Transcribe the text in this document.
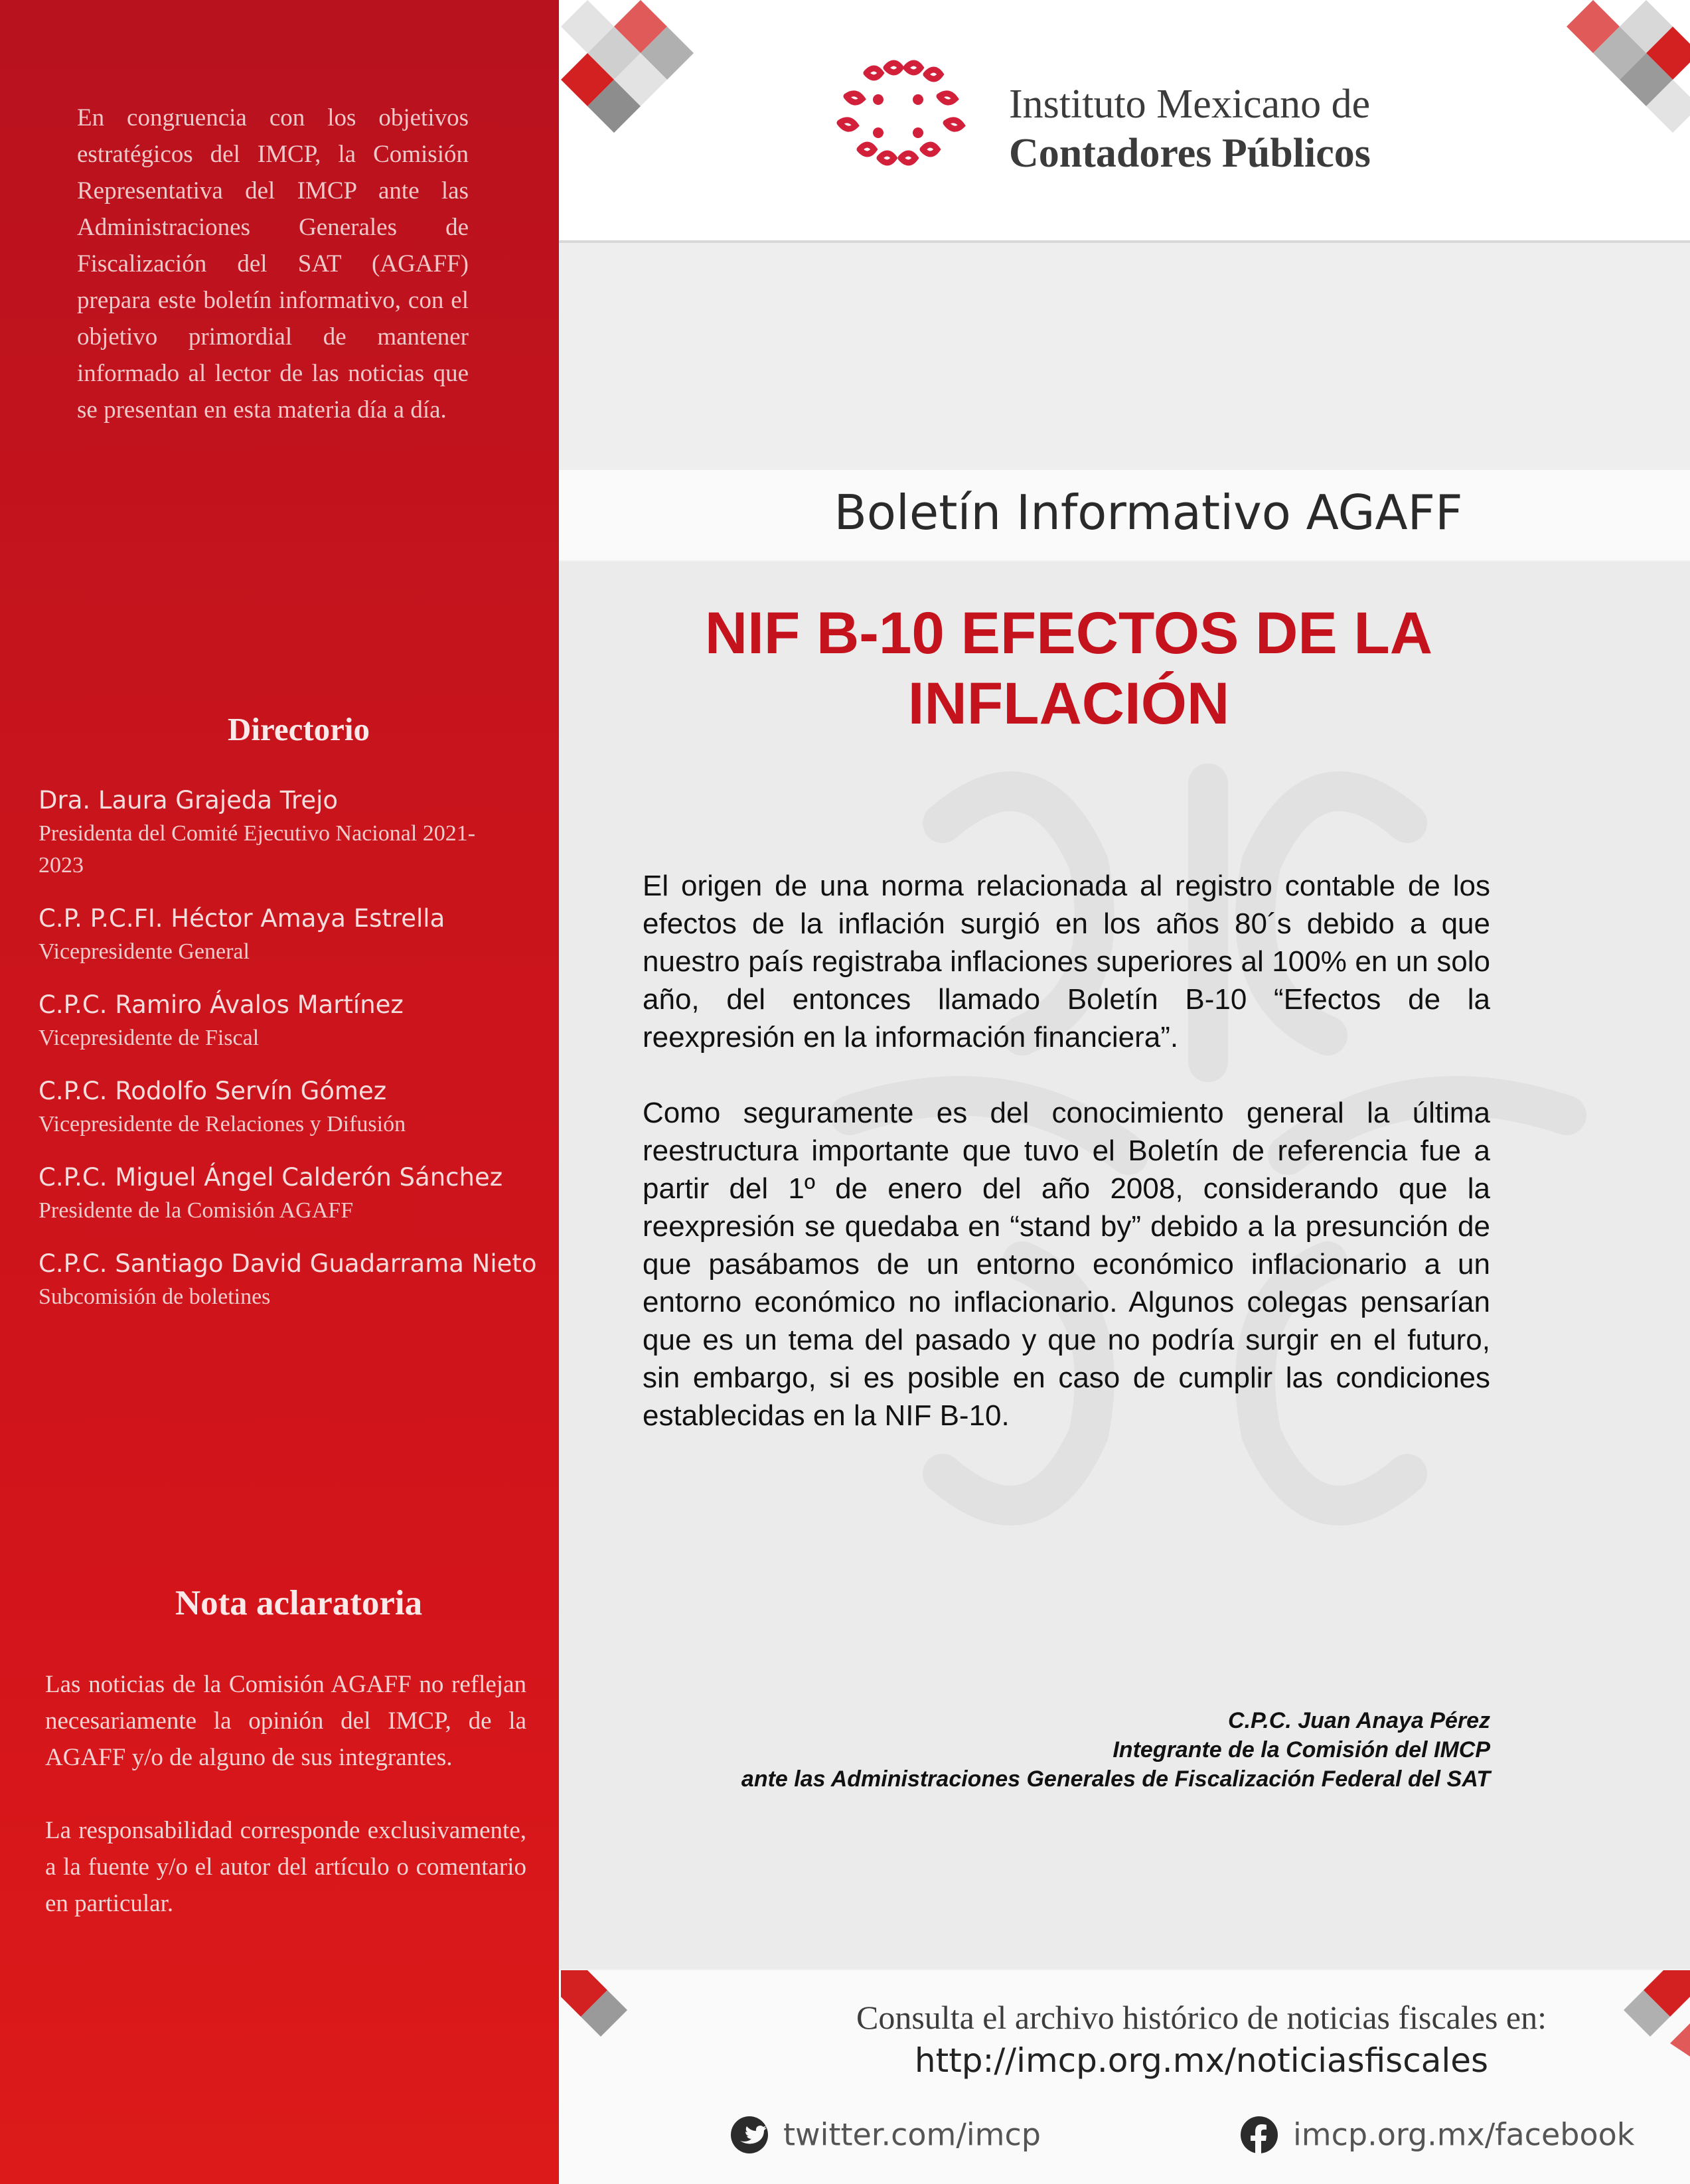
En congruencia con los objetivos estratégicos del IMCP, la Comisión Representativa del IMCP ante las Administraciones Generales de Fiscalización del SAT (AGAFF) prepara este boletín informativo, con el objetivo primordial de mantener informado al lector de las noticias que se presentan en esta materia día a día.
Directorio
Dra. Laura Grajeda Trejo
Presidenta del Comité Ejecutivo Nacional 2021-2023
C.P. P.C.FI. Héctor Amaya Estrella
Vicepresidente General
C.P.C. Ramiro Ávalos Martínez
Vicepresidente de Fiscal
C.P.C. Rodolfo Servín Gómez
Vicepresidente de Relaciones y Difusión
C.P.C. Miguel Ángel Calderón Sánchez
Presidente de la Comisión AGAFF
C.P.C. Santiago David Guadarrama Nieto
Subcomisión de boletines
Nota aclaratoria

Las noticias de la Comisión AGAFF no reflejan necesariamente la opinión del IMCP, de la AGAFF y/o de alguno de sus integrantes.

La responsabilidad corresponde exclusivamente, a la fuente y/o el autor del artículo o comentario en particular.

Instituto Mexicano de
Contadores Públicos
Boletín Informativo AGAFF
NIF B-10 EFECTOS DE LA INFLACIÓN

El origen de una norma relacionada al registro contable de los efectos de la inflación surgió en los años 80´s debido a que nuestro país registraba inflaciones superiores al 100% en un solo año, del entonces llamado Boletín B-10 “Efectos de la reexpresión en la información financiera”.

Como seguramente es del conocimiento general la última reestructura importante que tuvo el Boletín de referencia fue a partir del 1º de enero del año 2008, considerando que la reexpresión se quedaba en “stand by” debido a la presunción de que pasábamos de un entorno económico inflacionario a un entorno económico no inflacionario. Algunos colegas pensarían que es un tema del pasado y que no podría surgir en el futuro, sin embargo, si es posible en caso de cumplir las condiciones establecidas en la NIF B-10.

C.P.C. Juan Anaya Pérez
Integrante de la Comisión del IMCP
ante las Administraciones Generales de Fiscalización Federal del SAT
Consulta el archivo histórico de noticias fiscales en:
http://imcp.org.mx/noticiasfiscales
twitter.com/imcp	imcp.org.mx/facebook
